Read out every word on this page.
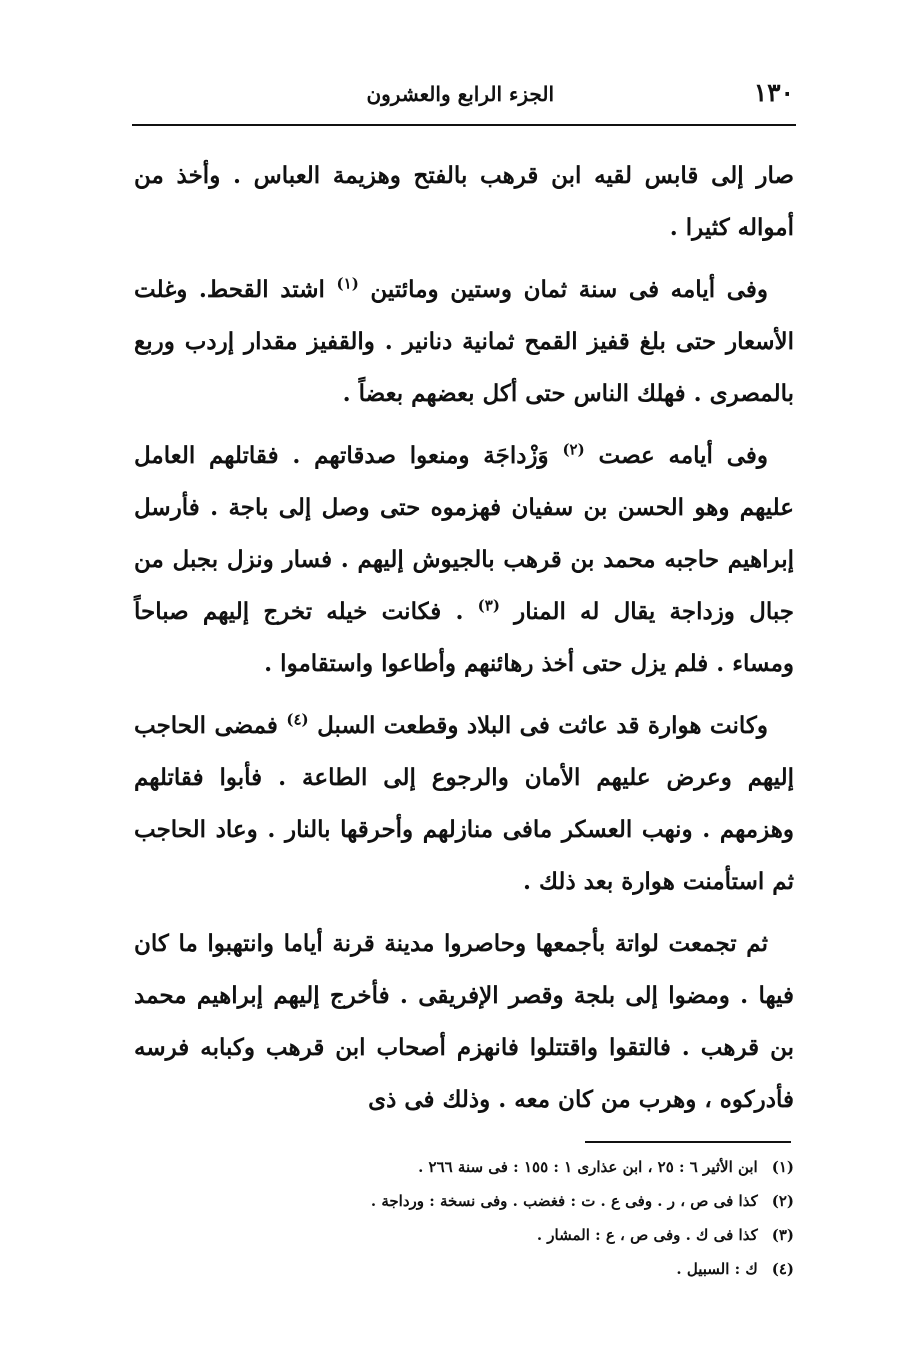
١٣٠
الجزء الرابع والعشرون

صار إلى قابس لقيه ابن قرهب بالفتح وهزيمة العباس . وأخذ من أمواله كثيرا .

وفى أيامه فى سنة ثمان وستين ومائتين $^{(١)}$ اشتد القحط. وغلت الأسعار حتى بلغ قفيز القمح ثمانية دنانير . والقفيز مقدار إردب وربع بالمصرى . فهلك الناس حتى أكل بعضهم بعضاً .

وفى أيامه عصت $^{(٢)}$ وَزْداجَة ومنعوا صدقاتهم . فقاتلهم العامل عليهم وهو الحسن بن سفيان فهزموه حتى وصل إلى باجة . فأرسل إبراهيم حاجبه محمد بن قرهب بالجيوش إليهم . فسار ونزل بجبل من جبال وزداجة يقال له المنار $^{(٣)}$ . فكانت خيله تخرج إليهم صباحاً ومساء . فلم يزل حتى أخذ رهائنهم وأطاعوا واستقاموا .

وكانت هوارة قد عاثت فى البلاد وقطعت السبل $^{(٤)}$ فمضى الحاجب إليهم وعرض عليهم الأمان والرجوع إلى الطاعة . فأبوا فقاتلهم وهزمهم . ونهب العسكر مافى منازلهم وأحرقها بالنار . وعاد الحاجب ثم استأمنت هوارة بعد ذلك .

ثم تجمعت لواتة بأجمعها وحاصروا مدينة قرنة أياما وانتهبوا ما كان فيها . ومضوا إلى بلجة وقصر الإفريقى . فأخرج إليهم إبراهيم محمد بن قرهب . فالتقوا واقتتلوا فانهزم أصحاب ابن قرهب وكبابه فرسه فأدركوه ، وهرب من كان معه . وذلك فى ذى

(١)ابن الأثير ٦ : ٢٥ ، ابن عذارى ١ : ١٥٥ : فى سنة ٢٦٦ .
(٢)كذا فى ص ، ر . وفى ع . ت : فغضب . وفى نسخة : ورداجة .
(٣)كذا فى ك . وفى ص ، ع : المشار .
(٤)ك : السبيل .
